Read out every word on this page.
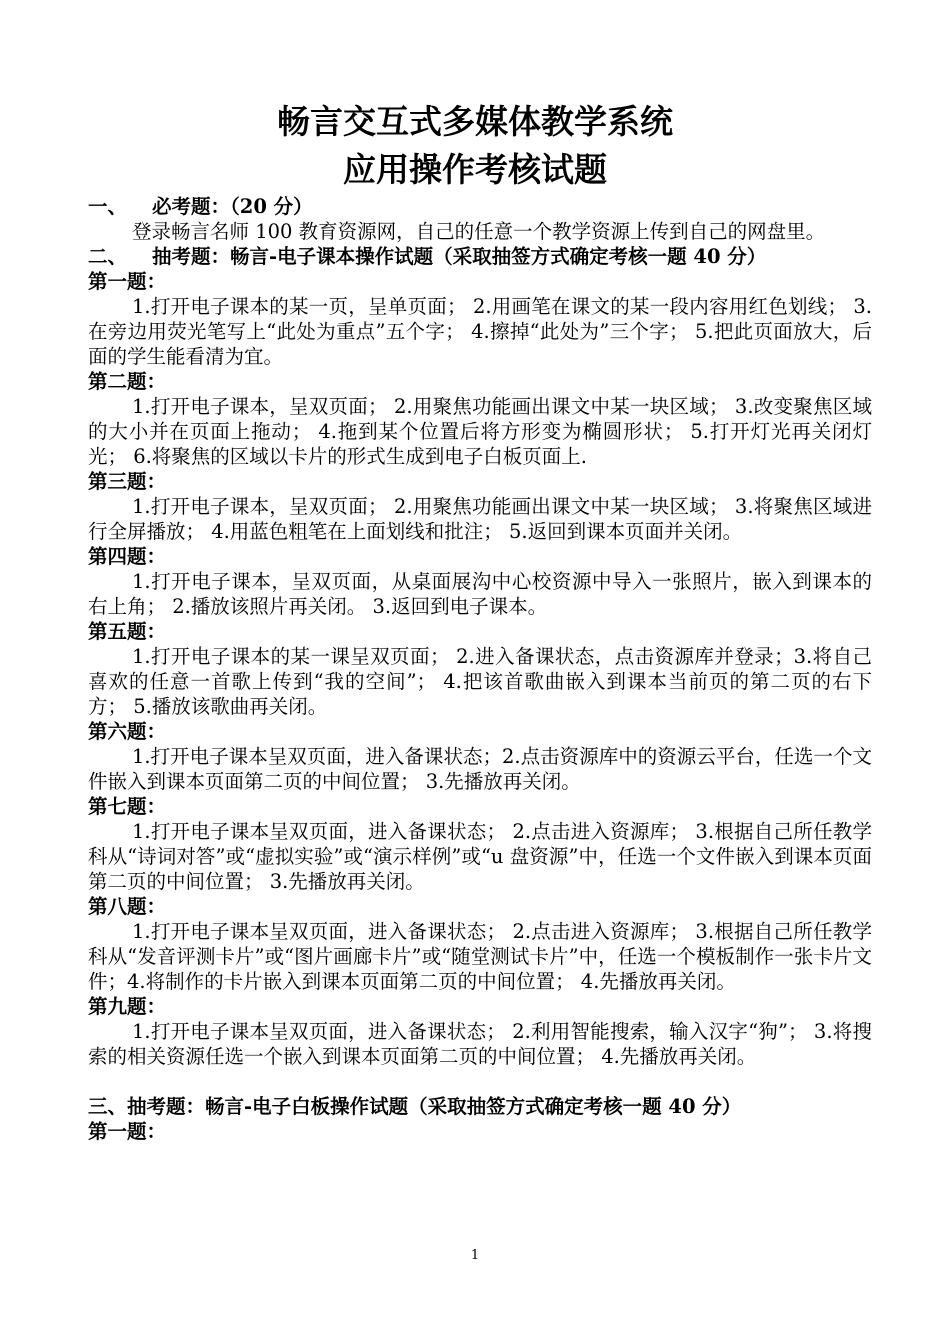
畅言交互式多媒体教学系统
应用操作考核试题

一、 必考题：（20 分）

登录畅言名师 100 教育资源网，自己的任意一个教学资源上传到自己的网盘里。

二、 抽考题：畅言-电子课本操作试题（采取抽签方式确定考核一题 40 分）

第一题：

1.打开电子课本的某一页，呈单页面； 2.用画笔在课文的某一段内容用红色划线； 3.在旁边用荧光笔写上“此处为重点”五个字； 4.擦掉“此处为”三个字； 5.把此页面放大，后面的学生能看清为宜。

第二题：

1.打开电子课本，呈双页面； 2.用聚焦功能画出课文中某一块区域； 3.改变聚焦区域的大小并在页面上拖动； 4.拖到某个位置后将方形变为椭圆形状； 5.打开灯光再关闭灯光； 6.将聚焦的区域以卡片的形式生成到电子白板页面上.

第三题：

1.打开电子课本，呈双页面； 2.用聚焦功能画出课文中某一块区域； 3.将聚焦区域进行全屏播放； 4.用蓝色粗笔在上面划线和批注； 5.返回到课本页面并关闭。

第四题：

1.打开电子课本，呈双页面，从桌面展沟中心校资源中导入一张照片，嵌入到课本的右上角； 2.播放该照片再关闭。 3.返回到电子课本。

第五题：

1.打开电子课本的某一课呈双页面； 2.进入备课状态，点击资源库并登录；3.将自己喜欢的任意一首歌上传到“我的空间”； 4.把该首歌曲嵌入到课本当前页的第二页的右下方； 5.播放该歌曲再关闭。

第六题：

1.打开电子课本呈双页面，进入备课状态；2.点击资源库中的资源云平台，任选一个文件嵌入到课本页面第二页的中间位置； 3.先播放再关闭。

第七题：

1.打开电子课本呈双页面，进入备课状态； 2.点击进入资源库； 3.根据自己所任教学科从“诗词对答”或“虚拟实验”或“演示样例”或“u 盘资源”中，任选一个文件嵌入到课本页面第二页的中间位置； 3.先播放再关闭。

第八题：

1.打开电子课本呈双页面，进入备课状态； 2.点击进入资源库； 3.根据自己所任教学科从“发音评测卡片”或“图片画廊卡片”或“随堂测试卡片”中，任选一个模板制作一张卡片文件；4.将制作的卡片嵌入到课本页面第二页的中间位置； 4.先播放再关闭。

第九题：

1.打开电子课本呈双页面，进入备课状态； 2.利用智能搜索，输入汉字“狗”； 3.将搜索的相关资源任选一个嵌入到课本页面第二页的中间位置； 4.先播放再关闭。

三、抽考题：畅言-电子白板操作试题（采取抽签方式确定考核一题 40 分）

第一题：

1
